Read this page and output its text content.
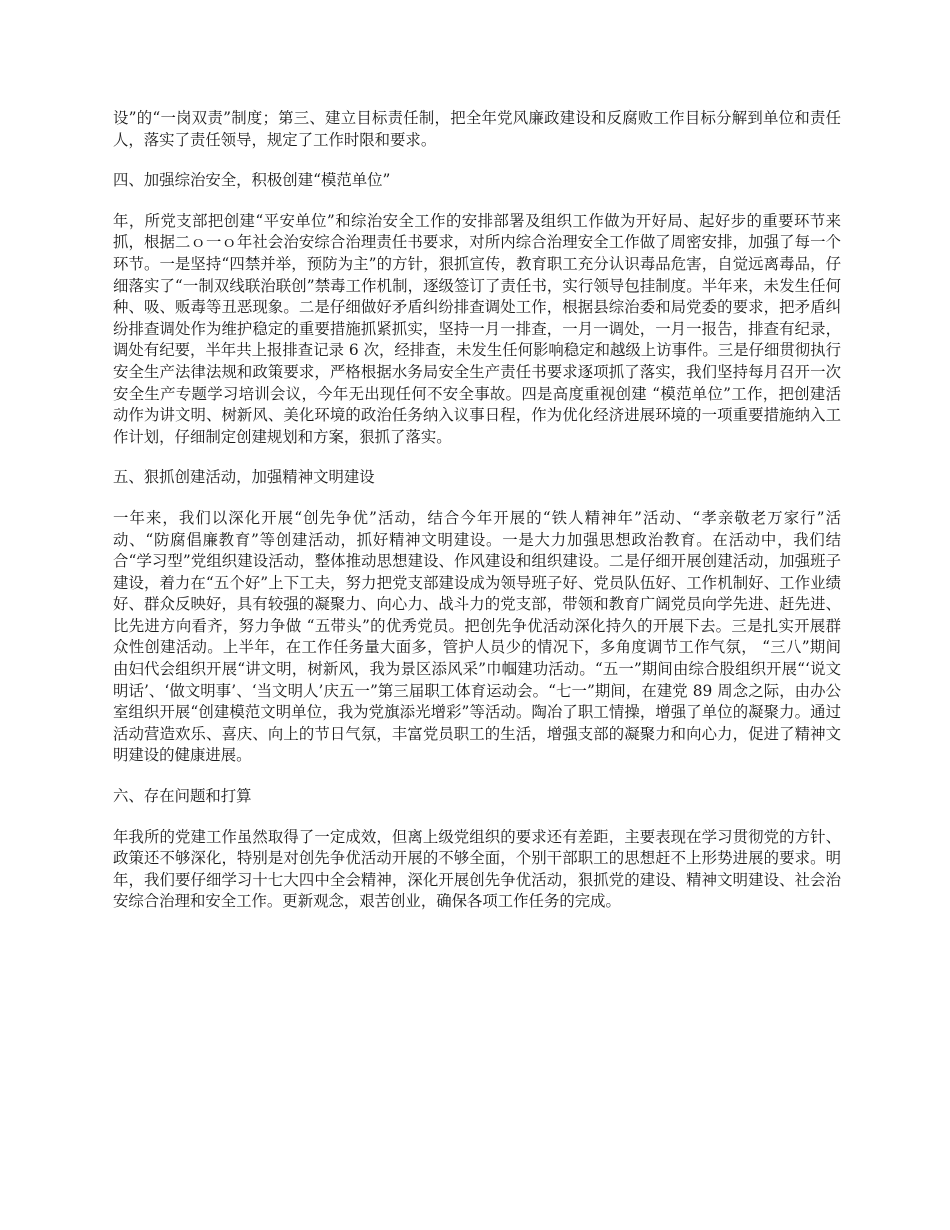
设”的“一岗双责”制度；第三、建立目标责任制，把全年党风廉政建设和反腐败工作目标分解到单位和责任人，落实了责任领导，规定了工作时限和要求。

四、加强综治安全，积极创建“模范单位”

年，所党支部把创建“平安单位”和综治安全工作的安排部署及组织工作做为开好局、起好步的重要环节来抓，根据二ｏ一ｏ年社会治安综合治理责任书要求，对所内综合治理安全工作做了周密安排，加强了每一个环节。一是坚持“四禁并举，预防为主”的方针，狠抓宣传，教育职工充分认识毒品危害，自觉远离毒品，仔细落实了“一制双线联治联创”禁毒工作机制，逐级签订了责任书，实行领导包挂制度。半年来，未发生任何种、吸、贩毒等丑恶现象。二是仔细做好矛盾纠纷排查调处工作，根据县综治委和局党委的要求，把矛盾纠纷排查调处作为维护稳定的重要措施抓紧抓实，坚持一月一排查，一月一调处，一月一报告，排查有纪录，调处有纪要，半年共上报排查记录 6 次，经排查，未发生任何影响稳定和越级上访事件。三是仔细贯彻执行安全生产法律法规和政策要求，严格根据水务局安全生产责任书要求逐项抓了落实，我们坚持每月召开一次安全生产专题学习培训会议，今年无出现任何不安全事故。四是高度重视创建 “模范单位”工作，把创建活动作为讲文明、树新风、美化环境的政治任务纳入议事日程，作为优化经济进展环境的一项重要措施纳入工作计划，仔细制定创建规划和方案，狠抓了落实。

五、狠抓创建活动，加强精神文明建设

一年来，我们以深化开展“创先争优”活动，结合今年开展的“铁人精神年”活动、“孝亲敬老万家行”活动、“防腐倡廉教育”等创建活动，抓好精神文明建设。一是大力加强思想政治教育。在活动中，我们结合“学习型”党组织建设活动，整体推动思想建设、作风建设和组织建设。二是仔细开展创建活动，加强班子建设，着力在“五个好”上下工夫，努力把党支部建设成为领导班子好、党员队伍好、工作机制好、工作业绩好、群众反映好，具有较强的凝聚力、向心力、战斗力的党支部，带领和教育广阔党员向学先进、赶先进、比先进方向看齐，努力争做 “五带头”的优秀党员。把创先争优活动深化持久的开展下去。三是扎实开展群众性创建活动。上半年，在工作任务量大面多，管护人员少的情况下，多角度调节工作气氛， “三八”期间由妇代会组织开展“讲文明，树新风，我为景区添风采”巾帼建功活动。“五一”期间由综合股组织开展“‘说文明话’、‘做文明事’、‘当文明人’庆五一”第三届职工体育运动会。“七一”期间，在建党 89 周念之际，由办公室组织开展“创建模范文明单位，我为党旗添光增彩”等活动。陶冶了职工情操，增强了单位的凝聚力。通过活动营造欢乐、喜庆、向上的节日气氛，丰富党员职工的生活，增强支部的凝聚力和向心力，促进了精神文明建设的健康进展。

六、存在问题和打算

年我所的党建工作虽然取得了一定成效，但离上级党组织的要求还有差距，主要表现在学习贯彻党的方针、政策还不够深化，特别是对创先争优活动开展的不够全面，个别干部职工的思想赶不上形势进展的要求。明年，我们要仔细学习十七大四中全会精神，深化开展创先争优活动，狠抓党的建设、精神文明建设、社会治安综合治理和安全工作。更新观念，艰苦创业，确保各项工作任务的完成。
